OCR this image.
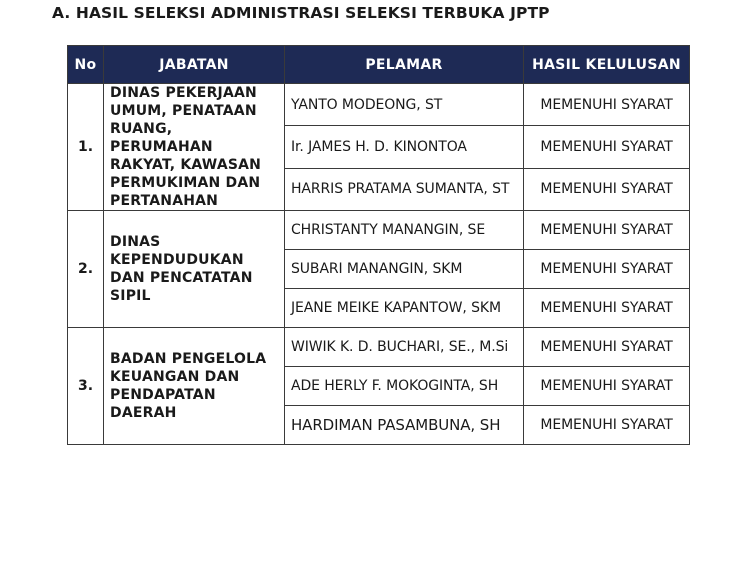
A. HASIL SELEKSI ADMINISTRASI SELEKSI TERBUKA JPTP
No	JABATAN	PELAMAR	HASIL KELULUSAN
1.	DINAS PEKERJAAN UMUM, PENATAAN RUANG, PERUMAHAN RAKYAT, KAWASAN PERMUKIMAN DAN PERTANAHAN	YANTO MODEONG, ST	MEMENUHI SYARAT
		Ir. JAMES H. D. KINONTOA	MEMENUHI SYARAT
		HARRIS PRATAMA SUMANTA, ST	MEMENUHI SYARAT
2.	DINAS KEPENDUDUKAN DAN PENCATATAN SIPIL	CHRISTANTY MANANGIN, SE	MEMENUHI SYARAT
		SUBARI MANANGIN, SKM	MEMENUHI SYARAT
		JEANE MEIKE KAPANTOW, SKM	MEMENUHI SYARAT
3.	BADAN PENGELOLA KEUANGAN DAN PENDAPATAN DAERAH	WIWIK K. D. BUCHARI, SE., M.Si	MEMENUHI SYARAT
		ADE HERLY F. MOKOGINTA, SH	MEMENUHI SYARAT
		HARDIMAN PASAMBUNA, SH	MEMENUHI SYARAT
